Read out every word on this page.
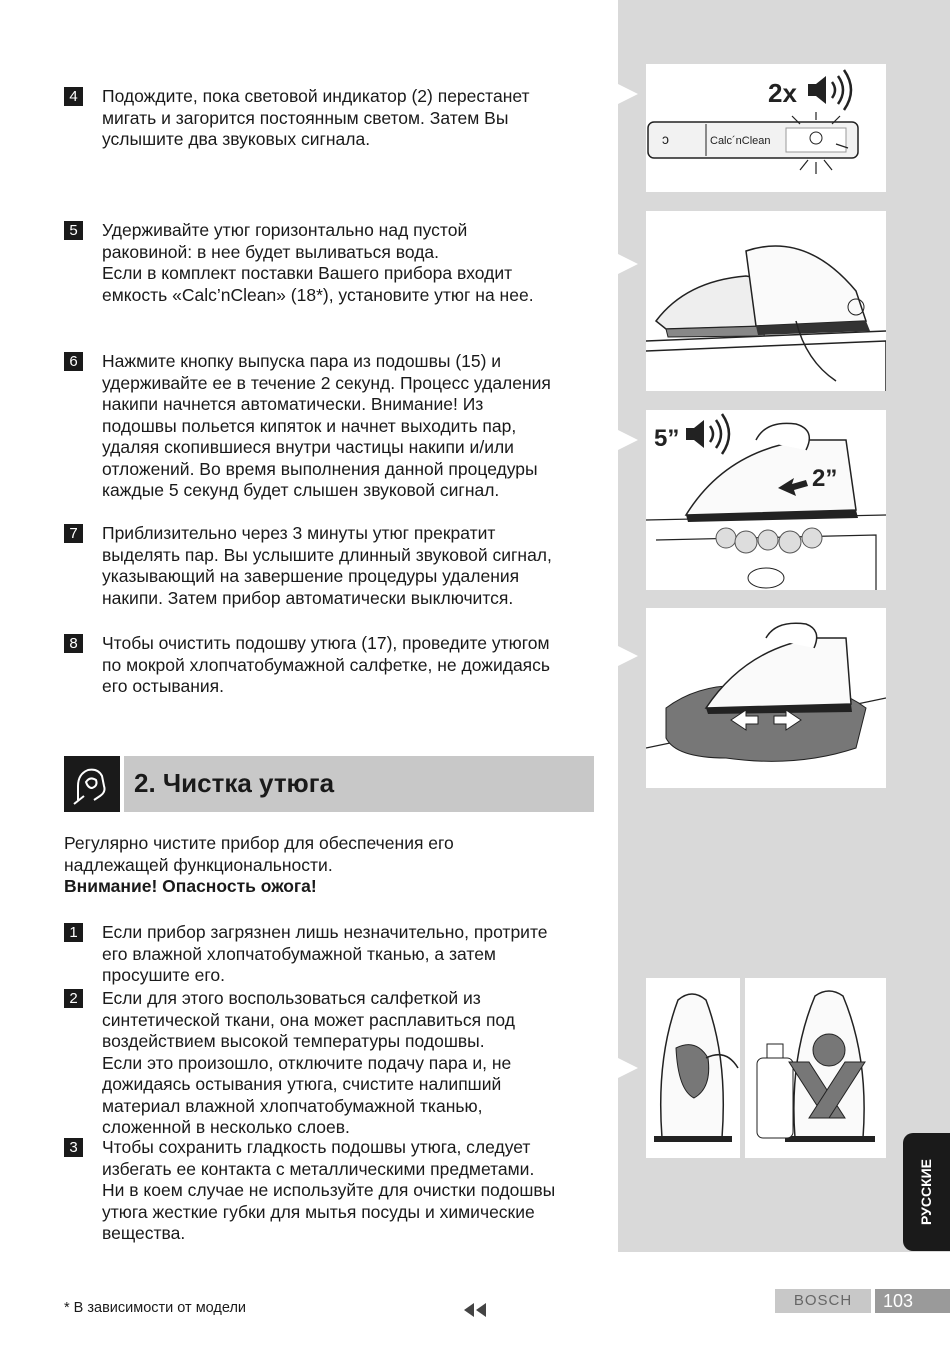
4	Подождите, пока световой индикатор (2) перестанет
мигать и загорится постоянным светом. Затем Вы
услышите два звуковых сигнала.
5	Удерживайте утюг горизонтально над пустой
раковиной: в нее будет выливаться вода.
Если в комплект поставки Вашего прибора входит
емкость «Calc’nClean» (18*), установите утюг на нее.
6	Нажмите кнопку выпуска пара из подошвы (15) и
удерживайте ее в течение 2 секунд. Процесс удаления
накипи начнется автоматически. Внимание! Из
подошвы польется кипяток и начнет выходить пар,
удаляя скопившиеся внутри частицы накипи и/или
отложений. Во время выполнения данной процедуры
каждые 5 секунд будет слышен звуковой сигнал.
7	Приблизительно через 3 минуты утюг прекратит
выделять пар. Вы услышите длинный звуковой сигнал,
указывающий на завершение процедуры удаления
накипи. Затем прибор автоматически выключится.
8	Чтобы очистить подошву утюга (17), проведите утюгом
по мокрой хлопчатобумажной салфетке, не дожидаясь
его остывания.
2. Чистка утюга
Регулярно чистите прибор для обеспечения его
надлежащей функциональности.
Внимание! Опасность ожога!
1	Если прибор загрязнен лишь незначительно, протрите
его влажной хлопчатобумажной тканью, а затем
просушите его.
2	Если для этого воспользоваться салфеткой из
синтетической ткани, она может расплавиться под
воздействием высокой температуры подошвы.
Если это произошло, отключите подачу пара и, не
дожидаясь остывания утюга, счистите налипший
материал влажной хлопчатобумажной тканью,
сложенной в несколько слоев.
3	Чтобы сохранить гладкость подошвы утюга, следует
избегать ее контакта с металлическими предметами.
Ни в коем случае не используйте для очистки подошвы
утюга жесткие губки для мытья посуды и химические
вещества.
2x
ↄ	Calc´nClean
5”
2”
РУССКИЕ
* В зависимости от модели	BOSCH	103
